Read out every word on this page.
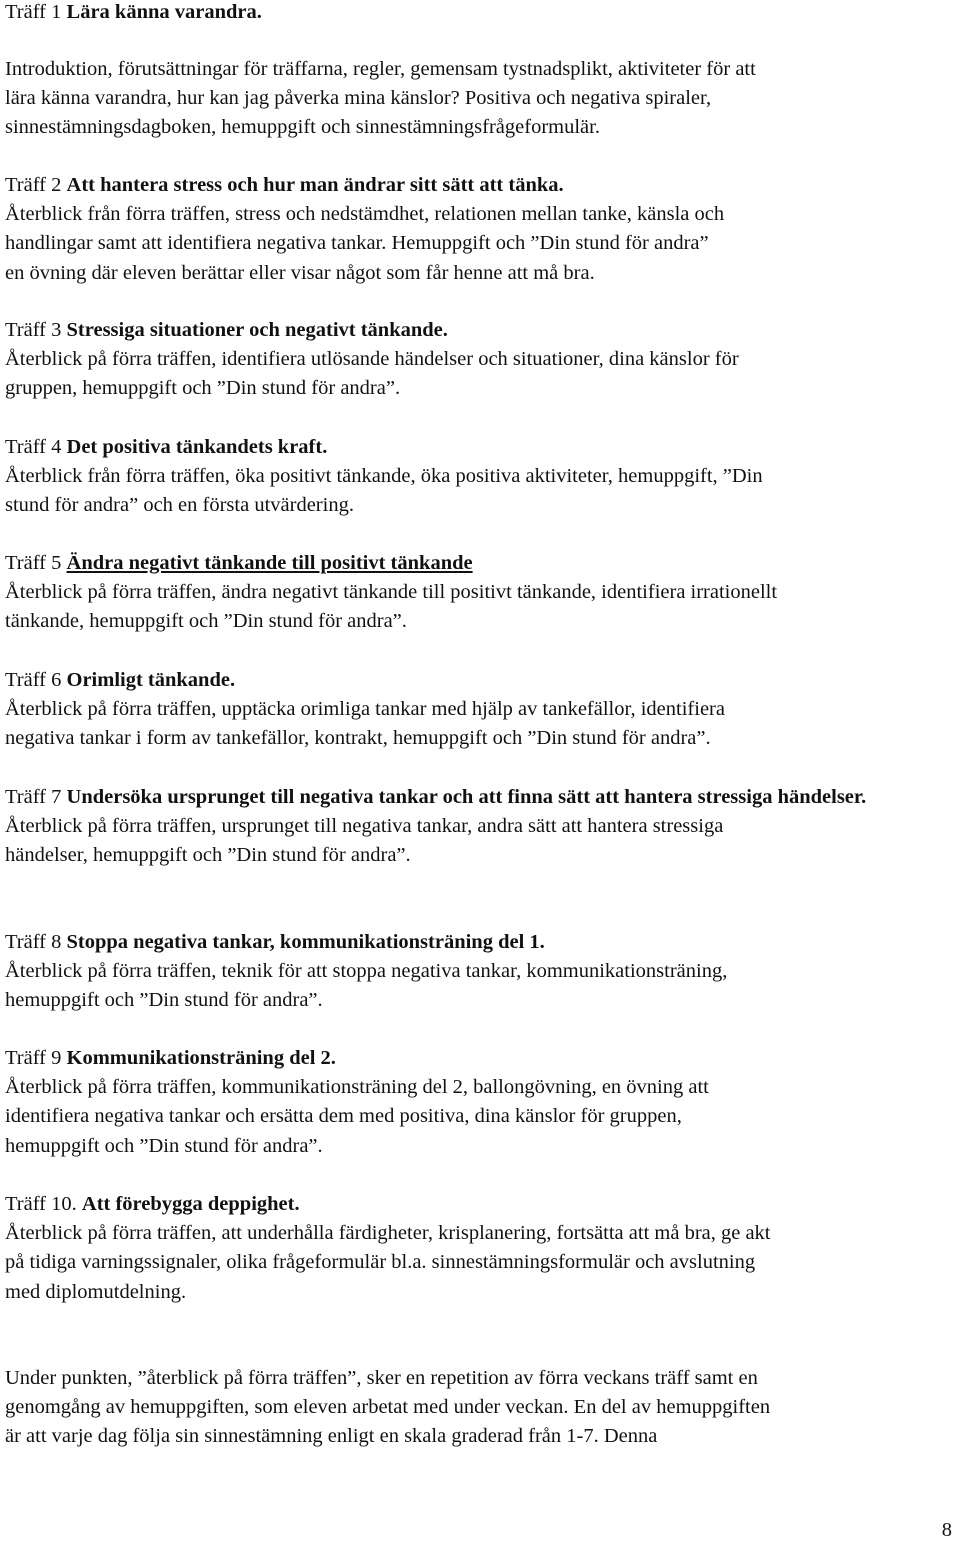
Träff 1 Lära känna varandra.
Introduktion, förutsättningar för träffarna, regler, gemensam tystnadsplikt, aktiviteter för att
lära känna varandra, hur kan jag påverka mina känslor? Positiva och negativa spiraler,
sinnestämningsdagboken, hemuppgift och sinnestämningsfrågeformulär.
Träff 2 Att hantera stress och hur man ändrar sitt sätt att tänka.
Återblick från förra träffen, stress och nedstämdhet, relationen mellan tanke, känsla och
handlingar samt att identifiera negativa tankar. Hemuppgift och ”Din stund för andra”
en övning där eleven berättar eller visar något som får henne att må bra.
Träff 3 Stressiga situationer och negativt tänkande.
Återblick på förra träffen, identifiera utlösande händelser och situationer, dina känslor för
gruppen, hemuppgift och ”Din stund för andra”.
Träff 4 Det positiva tänkandets kraft.
Återblick från förra träffen, öka positivt tänkande, öka positiva aktiviteter, hemuppgift, ”Din
stund för andra” och en första utvärdering.
Träff 5 Ändra negativt tänkande till positivt tänkande
Återblick på förra träffen, ändra negativt tänkande till positivt tänkande, identifiera irrationellt
tänkande, hemuppgift och ”Din stund för andra”.
Träff 6 Orimligt tänkande.
Återblick på förra träffen, upptäcka orimliga tankar med hjälp av tankefällor, identifiera
negativa tankar i form av tankefällor, kontrakt, hemuppgift och ”Din stund för andra”.
Träff 7 Undersöka ursprunget till negativa tankar och att finna sätt att hantera stressiga händelser.
Återblick på förra träffen, ursprunget till negativa tankar, andra sätt att hantera stressiga
händelser, hemuppgift och ”Din stund för andra”.
Träff 8 Stoppa negativa tankar, kommunikationsträning del 1.
Återblick på förra träffen, teknik för att stoppa negativa tankar, kommunikationsträning,
hemuppgift och ”Din stund för andra”.
Träff 9 Kommunikationsträning del 2.
Återblick på förra träffen, kommunikationsträning del 2, ballongövning, en övning att
identifiera negativa tankar och ersätta dem med positiva, dina känslor för gruppen,
hemuppgift och ”Din stund för andra”.
Träff 10. Att förebygga deppighet.
Återblick på förra träffen, att underhålla färdigheter, krisplanering, fortsätta att må bra, ge akt
på tidiga varningssignaler, olika frågeformulär bl.a. sinnestämningsformulär och avslutning
med diplomutdelning.
Under punkten, ”återblick på förra träffen”, sker en repetition av förra veckans träff samt en
genomgång av hemuppgiften, som eleven arbetat med under veckan. En del av hemuppgiften
är att varje dag följa sin sinnestämning enligt en skala graderad från 1-7. Denna
8
